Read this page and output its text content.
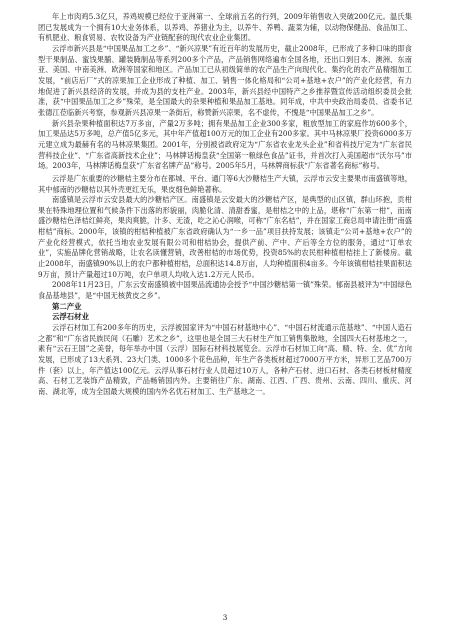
年上市肉鸡5.3亿只，养鸡规模已经位于亚洲第一、全球前五名的行列，2009年销售收入突破200亿元。温氏集团已发展成为一个拥有10大业务体系，以养鸡、养猪业为主，以养牛、养鸭、蔬菜为辅，以动物保健品、食品加工、有机肥业、粮食贸易、农牧设备为产业链配套的现代农业企业集团。

云浮市新兴县是“中国果品加工之乡”、“新兴凉果”有近百年的发展历史，截止2008年，已形成了多种口味的即食型干果制品、蜜饯果脯、罐装腌制品等系列200多个产品，产品销售网络遍布全国各地，还出口到日本、澳洲、东南亚、美国、中南美洲、欧洲等国家和地区。产品加工已从初级简单的农产品生产向现代化、集约化的农产品精细加工发展，“前店后厂”式的凉果加工企业形成了种植、加工、销售一体化格局和“公司+基地+农户”的产业化经营，有力地促进了新兴县经济的发展，并成为县的支柱产业。2003年，新兴县经中国特产之乡推荐暨宣传活动组织委员会批准，获“中国果品加工之乡”殊荣，是全国最大的杂果种植和果品加工基地。同年成，中共中央政治局委员、省委书记张德江莅临新兴考察，参观新兴县凉果一条街后，称赞新兴凉果，名不虚传，不愧是“中国果品加工之乡”。

新兴县杂果种植面积达7万多亩，产量2万多吨；拥有果品加工企业300多家，粗放型加工的家庭作坊600多个，加工果品达5万多吨，总产值5亿多元，其中年产值超100万元的加工企业有200多家。其中马林凉果厂投资6000多万元建立成为最赫有名的马林凉果集团。2001年，分别被省政府定为“广东省农业龙头企业”和省科技厅定为“广东省民营科技企业”、“广东省高新技术企业”；马林牌话梅皇获“全国第一粮绿色食品”证书，并首次打入美国超市“沃尔马”市场。2003年，马林牌话梅皇获“广东省名牌产品”称号。2005年5月，马林牌商标获“广东省著名商标”称号。

云浮是广东重要的沙糖桔主要分布在都城、平台、通门等6大沙糖桔生产大镇，云浮市云安主要果市南盛镇等地，其中郁南的沙糖桔以其外壳更红无乐，果皮细色鲜艳著称。

南盛镇是云浮市云安县最大的沙糖桔产区。南盛镇是云安最大的沙糖桔产区，是典型的山区镇，群山环抱，贡柑果在特殊地理位置和气候条件下出落的形貌丽，肉脆化清、清甜香蜜，是柑桔之中的上品，堪称“广东第一柑”，而南盛沙糖桔色泽桔红鲜亮，果肉爽脆，汁多、无渣，吃之沁心润喉，可称“广东名桔”，并在国家工商总局申请注册“南盛柑桔”商标。2000年，该镇的柑桔种植被广东省政府确认为“一乡一品”项目扶持发展；该镇走“公司+基地+农户”的产业化经营模式，依托当地农业发展有限公司和柑桔协会，提供产前、产中、产后等全方位的服务，通过“订单农业”，实施品牌化营销战略，让农名读懂营销，改善柑桔的市场优势，投资85%的农民柑种植柑桔挂上了新楼房。截止2008年，南盛镇90%以上的农户都种植柑桔，总面积达14.8万亩，人均种植面积4亩多。今年该镇柑桔挂果面积达9万亩，预计产量超过10万吨，农户单项人均收入达1.2万元人民币。

2008年11月23日，广东云安南盛镇被中国果品流通协会授予“中国沙糖桔第一镇”殊荣。郁南县被评为“中国绿色食品基地县”，是“中国无核黄皮之乡”。

第二产业
云浮石材业

云浮石材加工有200多年的历史，云浮被国家评为“中国石材基地中心”、“中国石材流通示范基地”、“中国人造石之都”和“广东省民族民间（石雕）艺术之乡”，这里也是全国三大石材生产加工销售集散地，全国四大石材基地之一，素有“云石王国”之美誉，每年举办中国（云浮）国际石材科技展览会。云浮市石材加工向“高、精、特、全、优”方向发展，已形成了13大系列、23大门类、1000多个花色品种，年生产各类板材超过7000万平方米，异形工艺品700万件（套）以上，年产值达100亿元。云浮从事石材行业人员超过10万人，各种产石材、进口石材、各类石材板材精度高、石材工艺装饰产品精致，产品畅销国内外。主要销往广东、湖南、江西、广西、贵州、云南、四川、重庆、河南、湖北等，成为全国最大规模的国内外名优石材加工、生产基地之一。

3
